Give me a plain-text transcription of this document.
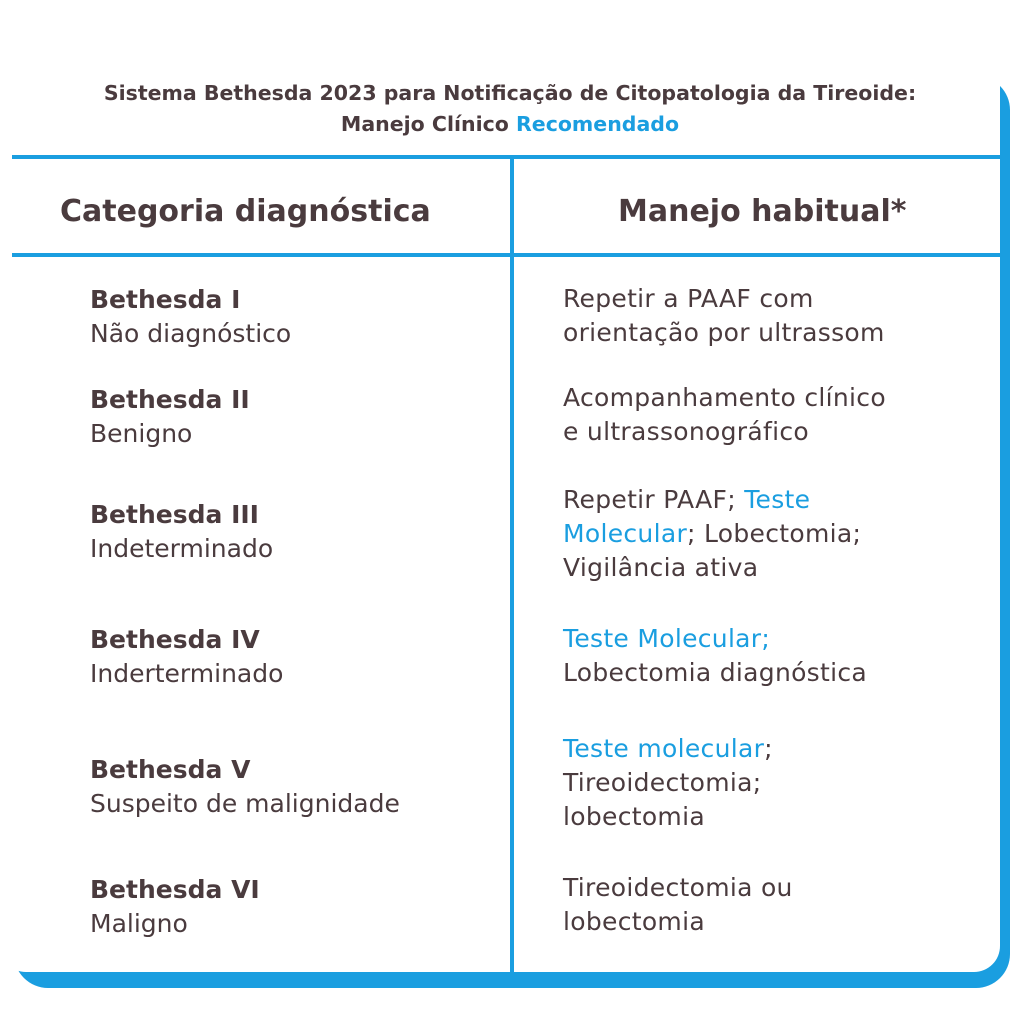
Sistema Bethesda 2023 para Notificação de Citopatologia da Tireoide:
Manejo Clínico Recomendado
Categoria diagnóstica	Manejo habitual*
Bethesda I
Não diagnóstico
Repetir a PAAF com
orientação por ultrassom
Bethesda II
Benigno
Acompanhamento clínico
e ultrassonográfico
Bethesda III
Indeterminado
Repetir PAAF; Teste
Molecular; Lobectomia;
Vigilância ativa
Bethesda IV
Inderterminado
Teste Molecular;
Lobectomia diagnóstica
Bethesda V
Suspeito de malignidade
Teste molecular;
Tireoidectomia;
lobectomia
Bethesda VI
Maligno
Tireoidectomia ou
lobectomia
